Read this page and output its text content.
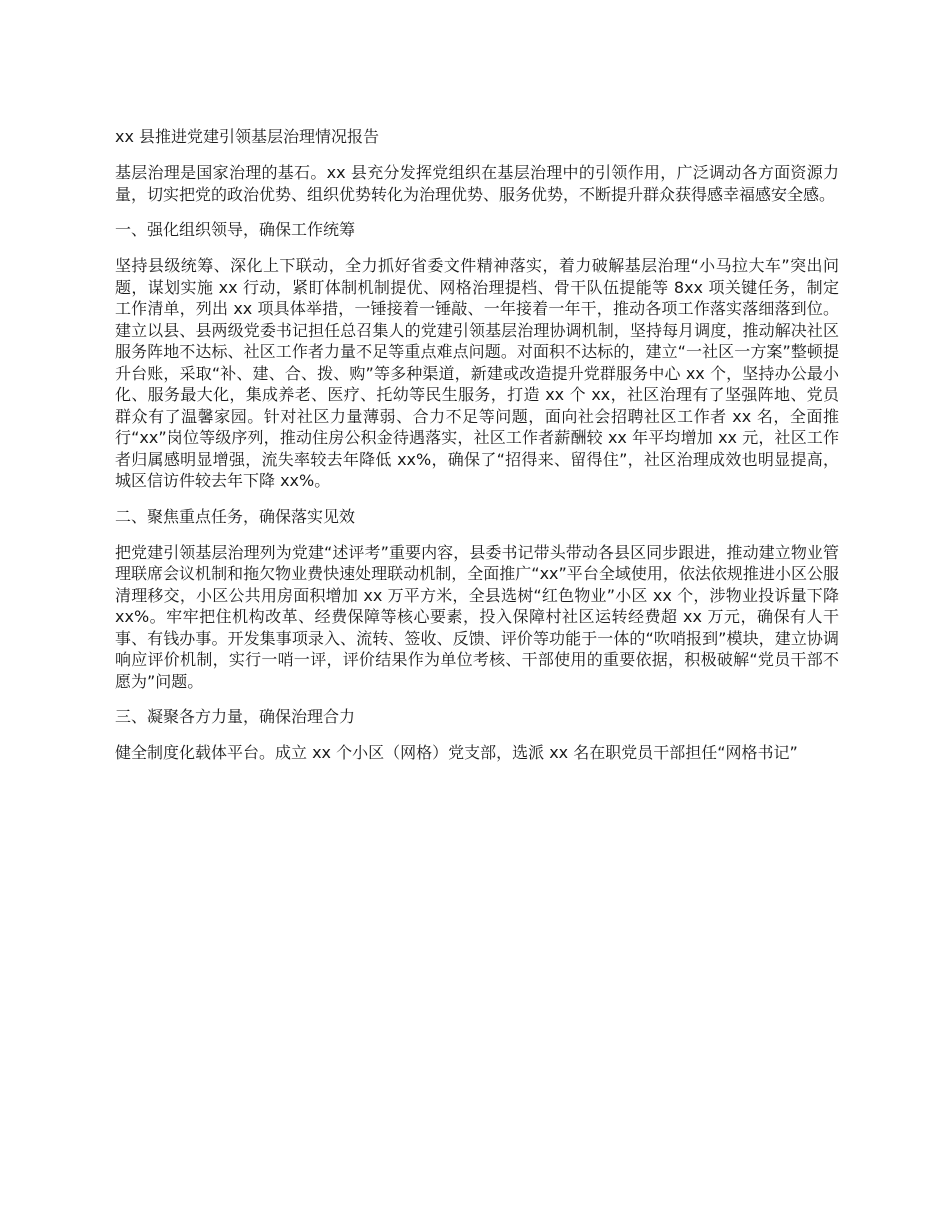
xx 县推进党建引领基层治理情况报告

基层治理是国家治理的基石。xx 县充分发挥党组织在基层治理中的引领作用，广泛调动各方面资源力量，切实把党的政治优势、组织优势转化为治理优势、服务优势，不断提升群众获得感幸福感安全感。

一、强化组织领导，确保工作统筹

坚持县级统筹、深化上下联动，全力抓好省委文件精神落实，着力破解基层治理“小马拉大车”突出问题，谋划实施 xx 行动，紧盯体制机制提优、网格治理提档、骨干队伍提能等 8xx 项关键任务，制定工作清单，列出 xx 项具体举措，一锤接着一锤敲、一年接着一年干，推动各项工作落实落细落到位。建立以县、县两级党委书记担任总召集人的党建引领基层治理协调机制，坚持每月调度，推动解决社区服务阵地不达标、社区工作者力量不足等重点难点问题。对面积不达标的，建立“一社区一方案”整顿提升台账，采取“补、建、合、拨、购”等多种渠道，新建或改造提升党群服务中心 xx 个，坚持办公最小化、服务最大化，集成养老、医疗、托幼等民生服务，打造 xx 个 xx，社区治理有了坚强阵地、党员群众有了温馨家园。针对社区力量薄弱、合力不足等问题，面向社会招聘社区工作者 xx 名，全面推行“xx”岗位等级序列，推动住房公积金待遇落实，社区工作者薪酬较 xx 年平均增加 xx 元，社区工作者归属感明显增强，流失率较去年降低 xx%，确保了“招得来、留得住”，社区治理成效也明显提高，城区信访件较去年下降 xx%。

二、聚焦重点任务，确保落实见效

把党建引领基层治理列为党建“述评考”重要内容，县委书记带头带动各县区同步跟进，推动建立物业管理联席会议机制和拖欠物业费快速处理联动机制，全面推广“xx”平台全域使用，依法依规推进小区公服清理移交，小区公共用房面积增加 xx 万平方米，全县选树“红色物业”小区 xx 个，涉物业投诉量下降 xx%。牢牢把住机构改革、经费保障等核心要素，投入保障村社区运转经费超 xx 万元，确保有人干事、有钱办事。开发集事项录入、流转、签收、反馈、评价等功能于一体的“吹哨报到”模块，建立协调响应评价机制，实行一哨一评，评价结果作为单位考核、干部使用的重要依据，积极破解“党员干部不愿为”问题。

三、凝聚各方力量，确保治理合力

健全制度化载体平台。成立 xx 个小区（网格）党支部，选派 xx 名在职党员干部担任“网格书记”
